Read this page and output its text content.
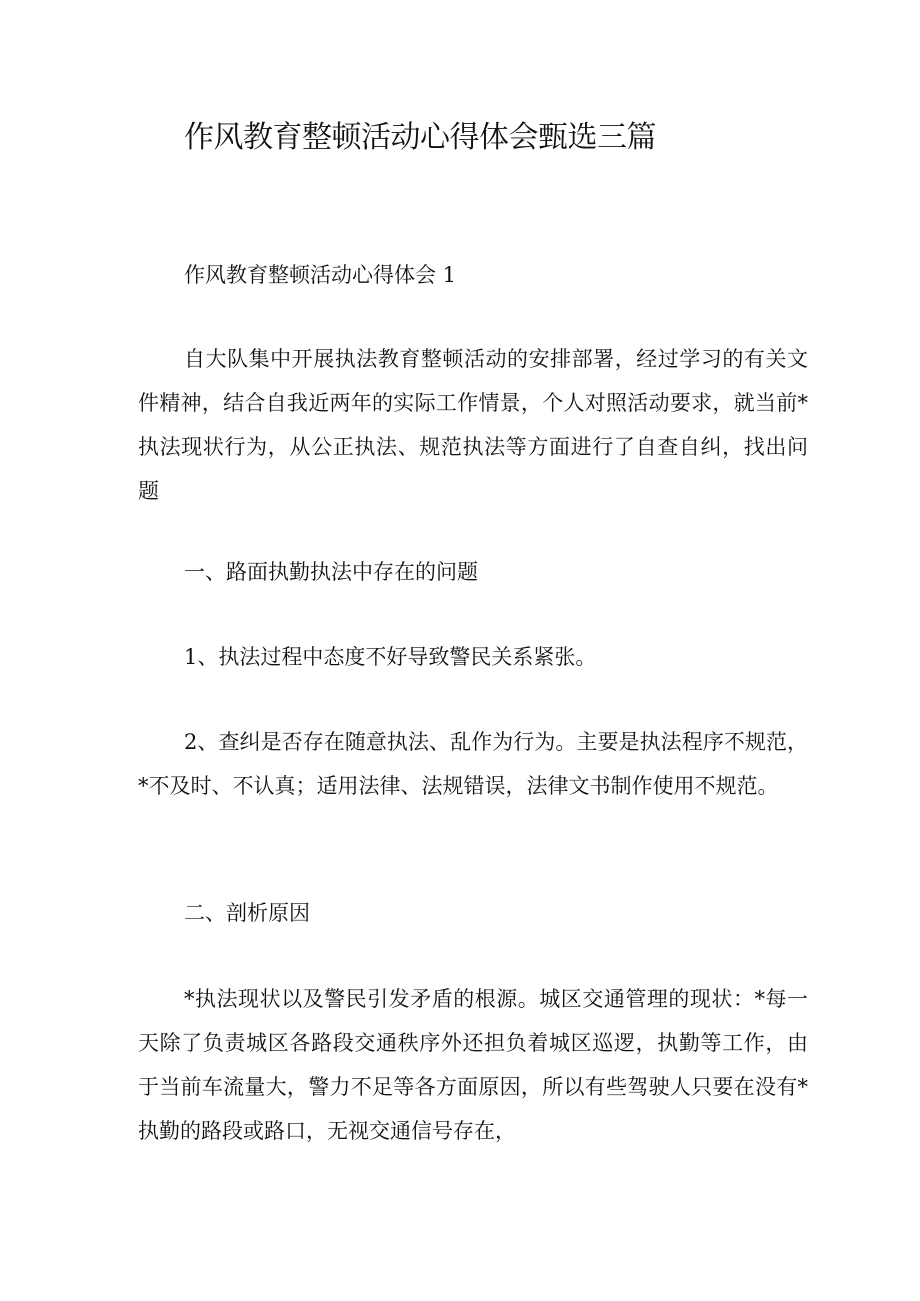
作风教育整顿活动心得体会甄选三篇

作风教育整顿活动心得体会 1

自大队集中开展执法教育整顿活动的安排部署，经过学习的有关文件精神，结合自我近两年的实际工作情景，个人对照活动要求，就当前*执法现状行为，从公正执法、规范执法等方面进行了自查自纠，找出问题

一、路面执勤执法中存在的问题

1、执法过程中态度不好导致警民关系紧张。

2、查纠是否存在随意执法、乱作为行为。主要是执法程序不规范，*不及时、不认真；适用法律、法规错误，法律文书制作使用不规范。

二、剖析原因

*执法现状以及警民引发矛盾的根源。城区交通管理的现状：*每一天除了负责城区各路段交通秩序外还担负着城区巡逻，执勤等工作，由于当前车流量大，警力不足等各方面原因，所以有些驾驶人只要在没有*执勤的路段或路口，无视交通信号存在，
